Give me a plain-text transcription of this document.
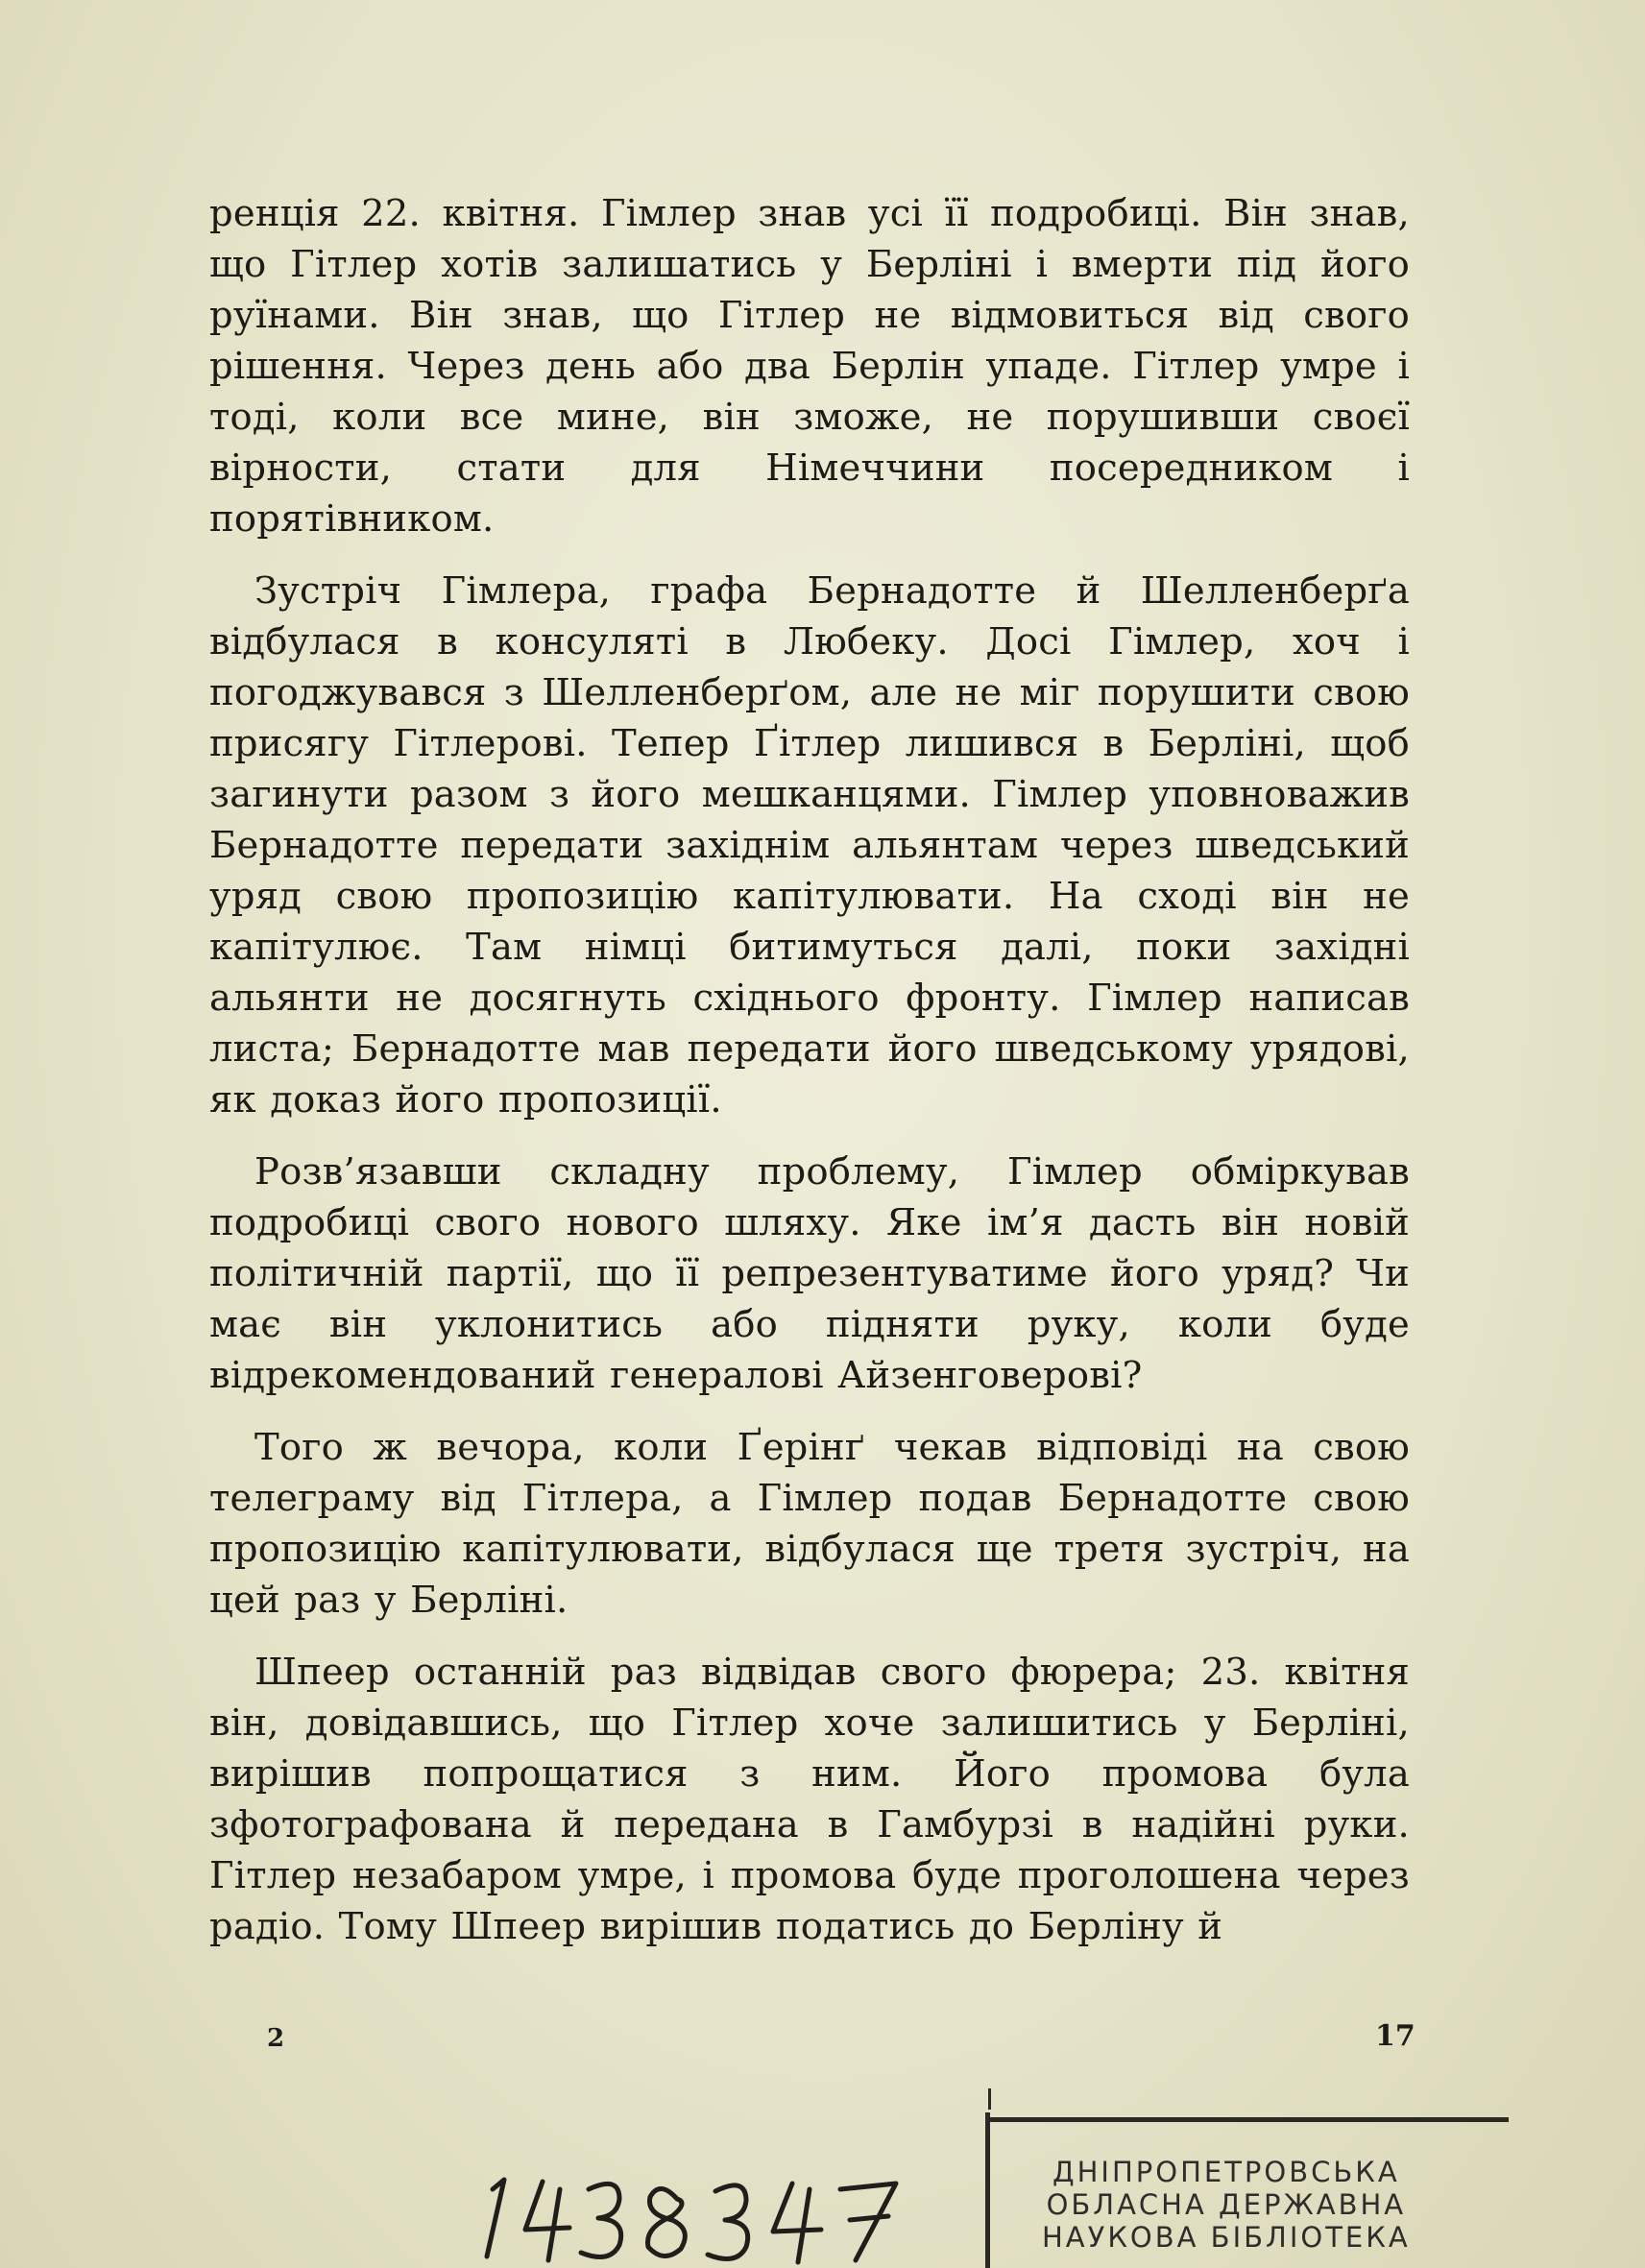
ренція 22. квітня. Гімлер знав усі її подробиці. Він знав, що Гітлер хотів залишатись у Берліні і вмерти під його руїнами. Він знав, що Гітлер не відмовиться від свого рішення. Через день або два Берлін упаде. Гітлер умре і тоді, коли все мине, він зможе, не порушивши своєї вірности, стати для Німеччини посередником і порятівником.

Зустріч Гімлера, графа Бернадотте й Шелленберґа відбулася в консуляті в Любеку. Досі Гімлер, хоч і погоджувався з Шелленберґом, але не міг порушити свою присягу Гітлерові. Тепер Ґітлер лишився в Берліні, щоб загинути разом з його мешканцями. Гімлер уповноважив Бернадотте передати західнім альянтам через шведський уряд свою пропозицію капітулювати. На сході він не капітулює. Там німці битимуться далі, поки західні альянти не досягнуть східнього фронту. Гімлер написав листа; Бернадотте мав передати його шведському урядові, як доказ його пропозиції.

Розв’язавши складну проблему, Гімлер обміркував подробиці свого нового шляху. Яке ім’я дасть він новій політичній партії, що її репрезентуватиме його уряд? Чи має він уклонитись або підняти руку, коли буде відрекомендований генералові Айзенговерові?

Того ж вечора, коли Ґерінґ чекав відповіді на свою телеграму від Гітлера, а Гімлер подав Бернадотте свою пропозицію капітулювати, відбулася ще третя зустріч, на цей раз у Берліні.

Шпеер останній раз відвідав свого фюрера; 23. квітня він, довідавшись, що Гітлер хоче залишитись у Берліні, вирішив попрощатися з ним. Його промова була зфотографована й передана в Гамбурзі в надійні руки. Гітлер незабаром умре, і промова буде проголошена через радіо. Тому Шпеер вирішив податись до Берліну й

2	17
ДНІПРОПЕТРОВСЬКА
ОБЛАСНА ДЕРЖАВНА
НАУКОВА БІБЛІОТЕКА
